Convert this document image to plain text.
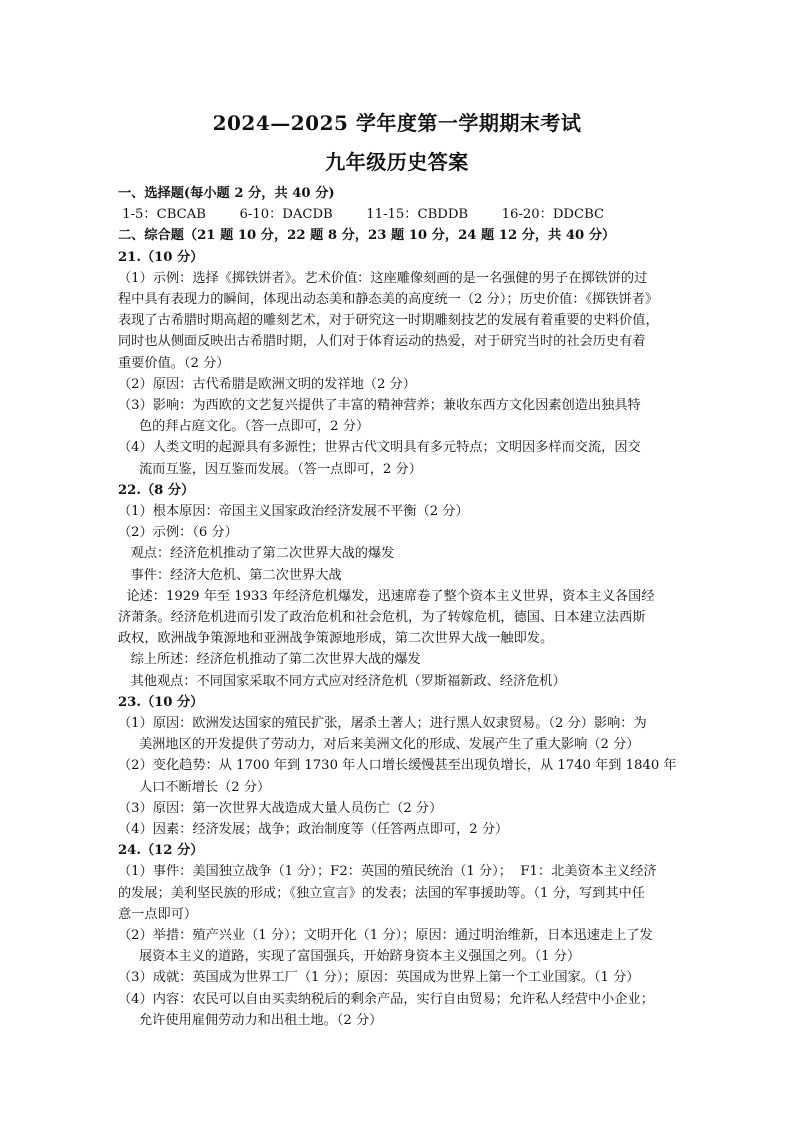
2024—2025 学年度第一学期期末考试
九年级历史答案
一、选择题(每小题 2 分，共 40 分)
1-5：CBCAB        6-10：DACDB        11-15：CBDDB        16-20：DDCBC
二、综合题（21 题 10 分，22 题 8 分，23 题 10 分，24 题 12 分，共 40 分）
21.（10 分）
（1）示例：选择《掷铁饼者》。艺术价值：这座雕像刻画的是一名强健的男子在掷铁饼的过
程中具有表现力的瞬间，体现出动态美和静态美的高度统一（2 分）；历史价值：《掷铁饼者》
表现了古希腊时期高超的雕刻艺术，对于研究这一时期雕刻技艺的发展有着重要的史料价值，
同时也从侧面反映出古希腊时期，人们对于体育运动的热爱，对于研究当时的社会历史有着
重要价值。（2 分）
（2）原因：古代希腊是欧洲文明的发祥地（2 分）
（3）影响：为西欧的文艺复兴提供了丰富的精神营养；兼收东西方文化因素创造出独具特
色的拜占庭文化。（答一点即可，2 分）
（4）人类文明的起源具有多源性；世界古代文明具有多元特点；文明因多样而交流，因交
流而互鉴，因互鉴而发展。（答一点即可，2 分）
22.（8 分）
（1）根本原因：帝国主义国家政治经济发展不平衡（2 分）
（2）示例：（6 分）
观点：经济危机推动了第二次世界大战的爆发
事件：经济大危机、第二次世界大战
论述：1929 年至 1933 年经济危机爆发，迅速席卷了整个资本主义世界，资本主义各国经
济萧条。经济危机进而引发了政治危机和社会危机，为了转嫁危机，德国、日本建立法西斯
政权，欧洲战争策源地和亚洲战争策源地形成，第二次世界大战一触即发。
综上所述：经济危机推动了第二次世界大战的爆发
其他观点：不同国家采取不同方式应对经济危机（罗斯福新政、经济危机）
23.（10 分）
（1）原因：欧洲发达国家的殖民扩张，屠杀土著人；进行黑人奴隶贸易。（2 分）影响：为
美洲地区的开发提供了劳动力，对后来美洲文化的形成、发展产生了重大影响（2 分）
（2）变化趋势：从 1700 年到 1730 年人口增长缓慢甚至出现负增长，从 1740 年到 1840 年
人口不断增长（2 分）
（3）原因：第一次世界大战造成大量人员伤亡（2 分）
（4）因素：经济发展；战争；政治制度等（任答两点即可，2 分）
24.（12 分）
（1）事件：美国独立战争（1 分）；F2：英国的殖民统治（1 分）；  F1：北美资本主义经济
的发展；美利坚民族的形成；《独立宣言》的发表；法国的军事援助等。（1 分，写到其中任
意一点即可）
（2）举措：殖产兴业（1 分）；文明开化（1 分）；原因：通过明治维新，日本迅速走上了发
展资本主义的道路，实现了富国强兵，开始跻身资本主义强国之列。（1 分）
（3）成就：英国成为世界工厂（1 分）；原因：英国成为世界上第一个工业国家。（1 分）
（4）内容：农民可以自由买卖纳税后的剩余产品，实行自由贸易；允许私人经营中小企业；
允许使用雇佣劳动力和出租土地。（2 分）
